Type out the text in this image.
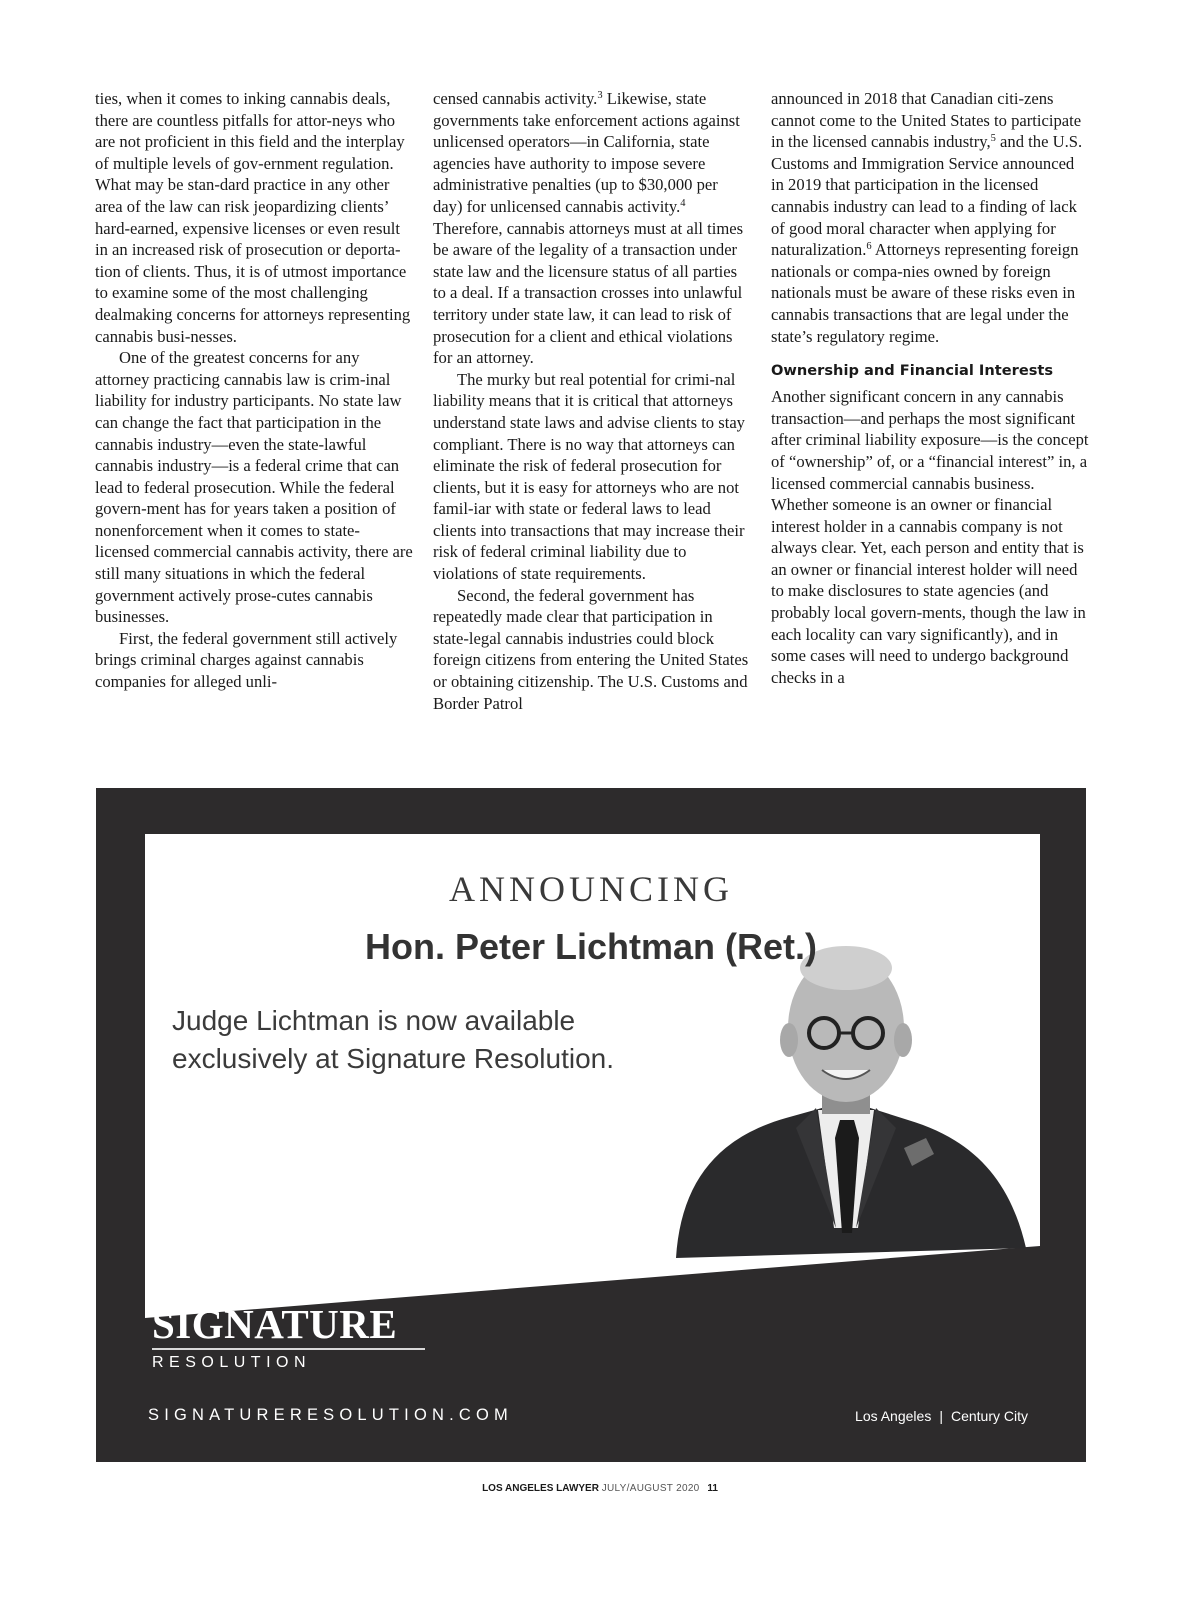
ties, when it comes to inking cannabis deals, there are countless pitfalls for attor-neys who are not proficient in this field and the interplay of multiple levels of gov-ernment regulation. What may be stan-dard practice in any other area of the law can risk jeopardizing clients’ hard-earned, expensive licenses or even result in an increased risk of prosecution or deporta-tion of clients. Thus, it is of utmost importance to examine some of the most challenging dealmaking concerns for attorneys representing cannabis busi-nesses.

One of the greatest concerns for any attorney practicing cannabis law is crim-inal liability for industry participants. No state law can change the fact that participation in the cannabis industry—even the state-lawful cannabis industry—is a federal crime that can lead to federal prosecution. While the federal govern-ment has for years taken a position of nonenforcement when it comes to state-licensed commercial cannabis activity, there are still many situations in which the federal government actively prose-cutes cannabis businesses.

First, the federal government still actively brings criminal charges against cannabis companies for alleged unli-

censed cannabis activity.$^3$ Likewise, state governments take enforcement actions against unlicensed operators—in California, state agencies have authority to impose severe administrative penalties (up to $30,000 per day) for unlicensed cannabis activity.$^4$ Therefore, cannabis attorneys must at all times be aware of the legality of a transaction under state law and the licensure status of all parties to a deal. If a transaction crosses into unlawful territory under state law, it can lead to risk of prosecution for a client and ethical violations for an attorney.

The murky but real potential for crimi-nal liability means that it is critical that attorneys understand state laws and advise clients to stay compliant. There is no way that attorneys can eliminate the risk of federal prosecution for clients, but it is easy for attorneys who are not famil-iar with state or federal laws to lead clients into transactions that may increase their risk of federal criminal liability due to violations of state requirements.

Second, the federal government has repeatedly made clear that participation in state-legal cannabis industries could block foreign citizens from entering the United States or obtaining citizenship. The U.S. Customs and Border Patrol

announced in 2018 that Canadian citi-zens cannot come to the United States to participate in the licensed cannabis industry,$^5$ and the U.S. Customs and Immigration Service announced in 2019 that participation in the licensed cannabis industry can lead to a finding of lack of good moral character when applying for naturalization.$^6$ Attorneys representing foreign nationals or compa-nies owned by foreign nationals must be aware of these risks even in cannabis transactions that are legal under the state’s regulatory regime.

Ownership and Financial Interests

Another significant concern in any cannabis transaction—and perhaps the most significant after criminal liability exposure—is the concept of “ownership” of, or a “financial interest” in, a licensed commercial cannabis business. Whether someone is an owner or financial interest holder in a cannabis company is not always clear. Yet, each person and entity that is an owner or financial interest holder will need to make disclosures to state agencies (and probably local govern-ments, though the law in each locality can vary significantly), and in some cases will need to undergo background checks in a

ANNOUNCING
Hon. Peter Lichtman (Ret.)
Judge Lichtman is now available
exclusively at Signature Resolution.
SIGNATURE
RESOLUTION
SIGNATURERESOLUTION.COM	Los Angeles | Century City
LOS ANGELES LAWYER JULY/AUGUST 2020 11
